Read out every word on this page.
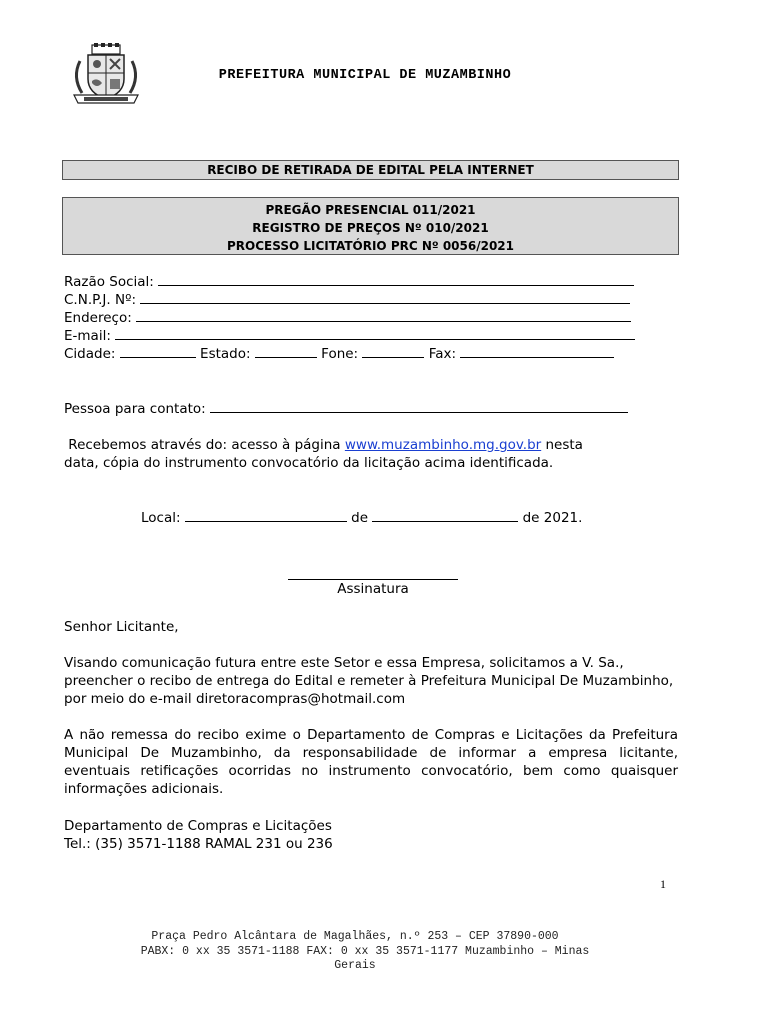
PREFEITURA MUNICIPAL DE MUZAMBINHO
RECIBO DE RETIRADA DE EDITAL PELA INTERNET
PREGÃO PRESENCIAL 011/2021
REGISTRO DE PREÇOS Nº 010/2021
PROCESSO LICITATÓRIO PRC Nº 0056/2021
Razão Social:
C.N.P.J. Nº:
Endereço:
E-mail:
Cidade:	Estado:	Fone:	Fax:
Pessoa para contato:
Recebemos através do: acesso à página www.muzambinho.mg.gov.br nesta
data, cópia do instrumento convocatório da licitação acima identificada.
Local:	de	de 2021.
Assinatura
Senhor Licitante,
Visando comunicação futura entre este Setor e essa Empresa, solicitamos a V. Sa., preencher o recibo de entrega do Edital e remeter à Prefeitura Municipal De Muzambinho, por meio do e-mail diretoracompras@hotmail.com
A não remessa do recibo exime o Departamento de Compras e Licitações da Prefeitura Municipal De Muzambinho, da responsabilidade de informar a empresa licitante, eventuais retificações ocorridas no instrumento convocatório, bem como quaisquer informações adicionais.
Departamento de Compras e Licitações
Tel.: (35) 3571-1188 RAMAL 231 ou 236
1
Praça Pedro Alcântara de Magalhães, n.º 253 – CEP 37890-000
PABX: 0 xx 35 3571-1188 FAX: 0 xx 35 3571-1177 Muzambinho – Minas
Gerais
